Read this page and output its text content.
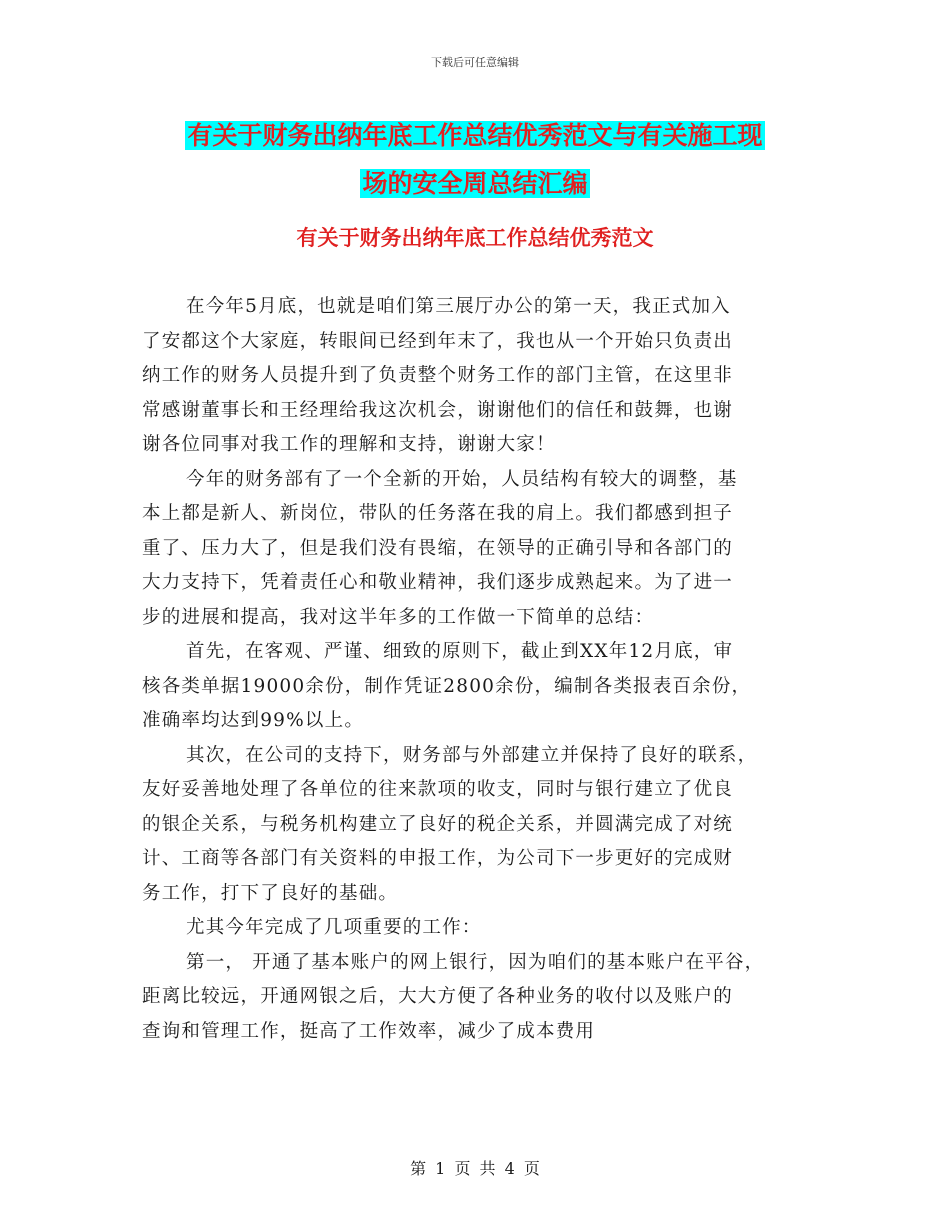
下载后可任意编辑
有关于财务出纳年底工作总结优秀范文与有关施工现
场的安全周总结汇编
有关于财务出纳年底工作总结优秀范文
在今年5月底，也就是咱们第三展厅办公的第一天，我正式加入
了安都这个大家庭，转眼间已经到年末了，我也从一个开始只负责出
纳工作的财务人员提升到了负责整个财务工作的部门主管，在这里非
常感谢董事长和王经理给我这次机会，谢谢他们的信任和鼓舞，也谢
谢各位同事对我工作的理解和支持，谢谢大家！
今年的财务部有了一个全新的开始，人员结构有较大的调整，基
本上都是新人、新岗位，带队的任务落在我的肩上。我们都感到担子
重了、压力大了，但是我们没有畏缩，在领导的正确引导和各部门的
大力支持下，凭着责任心和敬业精神，我们逐步成熟起来。为了进一
步的进展和提高，我对这半年多的工作做一下简单的总结：
首先，在客观、严谨、细致的原则下，截止到XX年12月底，审
核各类单据19000余份，制作凭证2800余份，编制各类报表百余份，
准确率均达到99%以上。
其次，在公司的支持下，财务部与外部建立并保持了良好的联系，
友好妥善地处理了各单位的往来款项的收支，同时与银行建立了优良
的银企关系，与税务机构建立了良好的税企关系，并圆满完成了对统
计、工商等各部门有关资料的申报工作，为公司下一步更好的完成财
务工作，打下了良好的基础。
尤其今年完成了几项重要的工作：
第一， 开通了基本账户的网上银行，因为咱们的基本账户在平谷，
距离比较远，开通网银之后，大大方便了各种业务的收付以及账户的
查询和管理工作，挺高了工作效率，减少了成本费用
第 1 页 共 4 页
